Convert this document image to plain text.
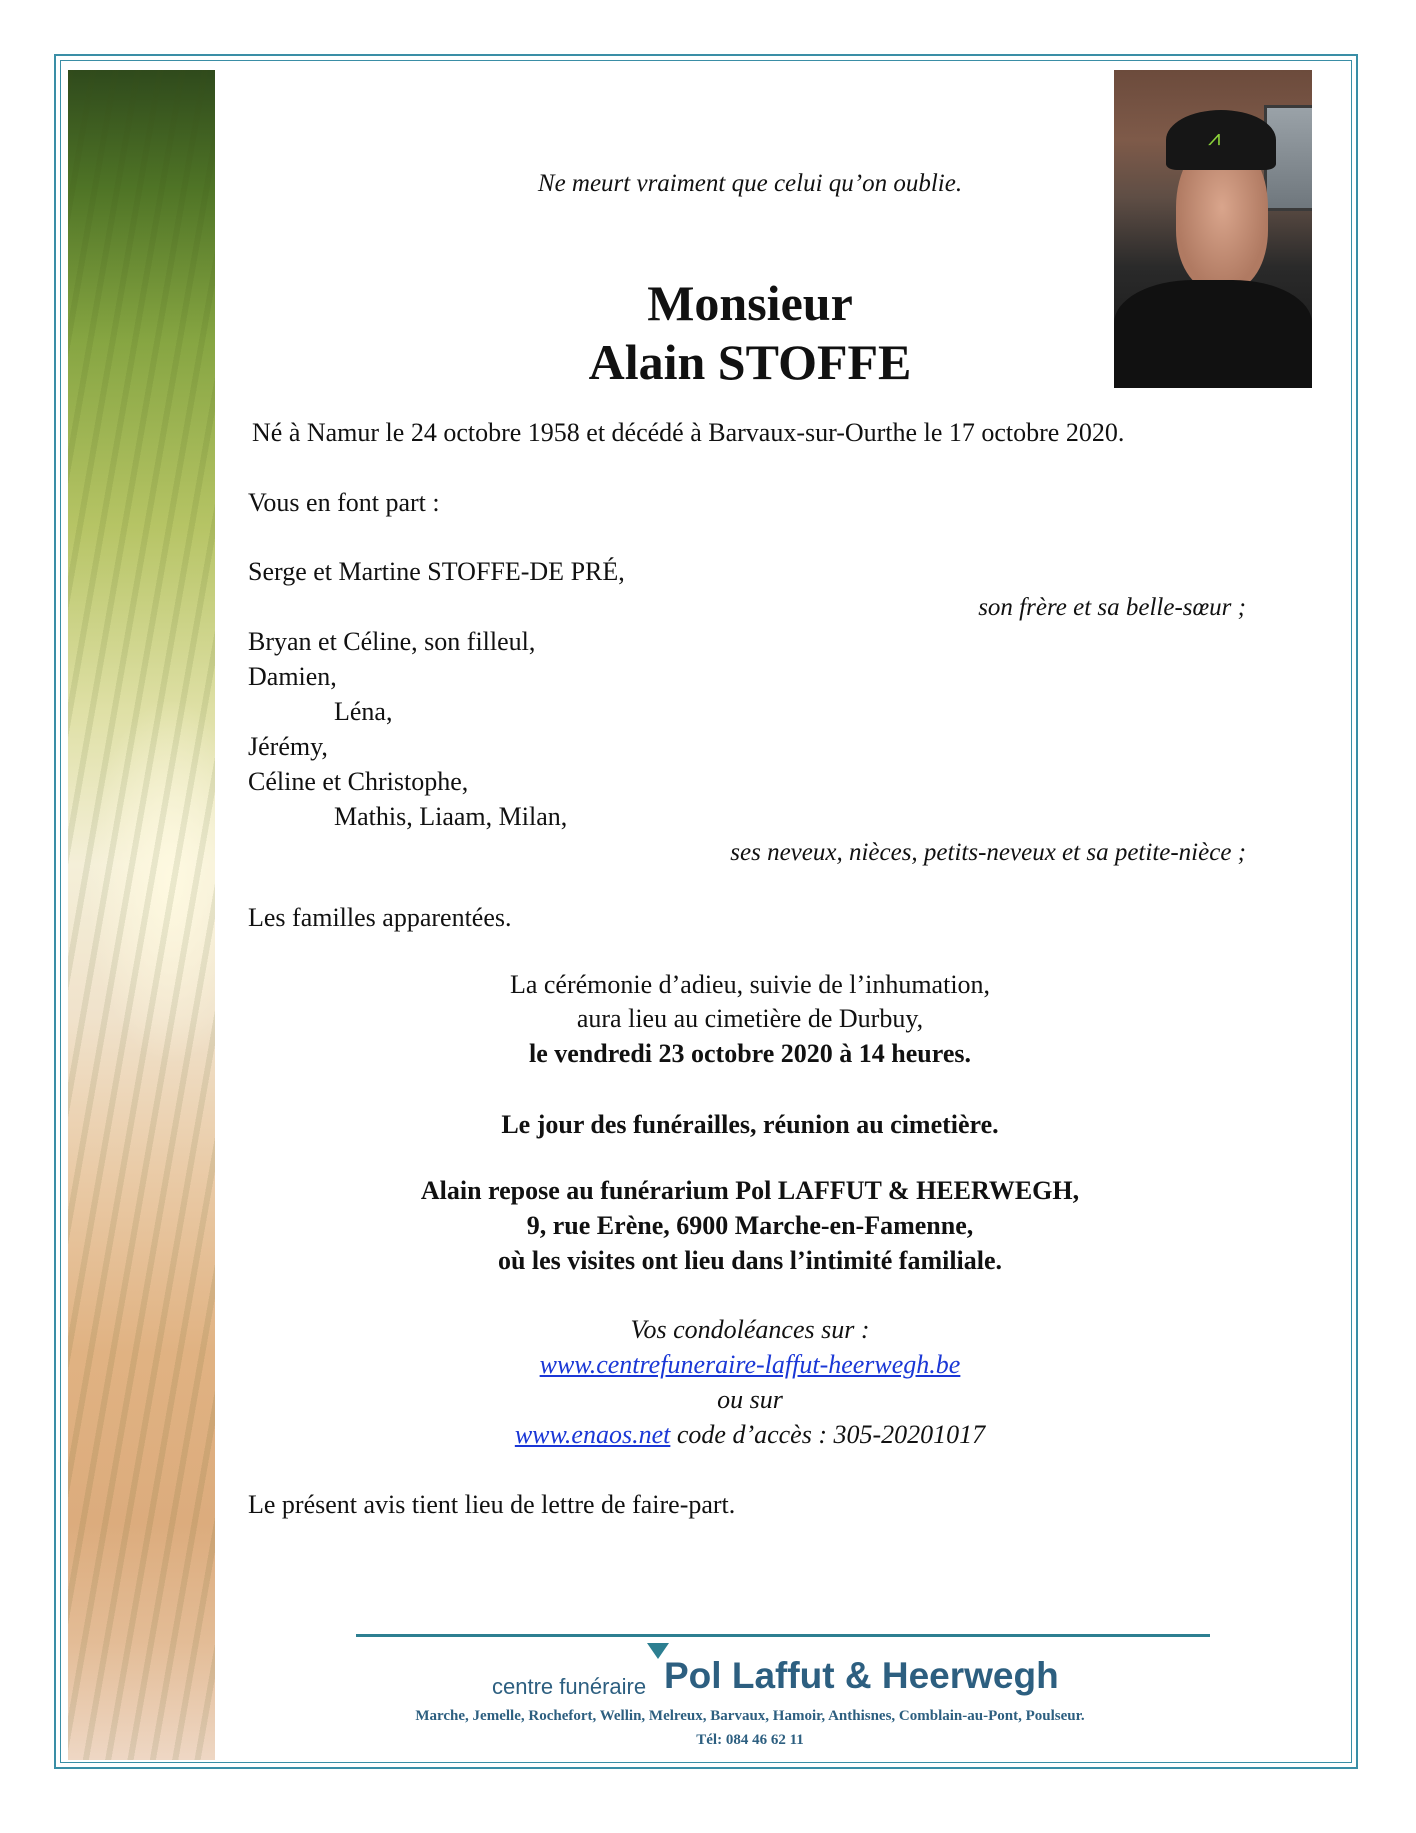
⩘

Ne meurt vraiment que celui qu’on oublie.

Monsieur

Alain STOFFE

Né à Namur le 24 octobre 1958 et décédé à Barvaux-sur-Ourthe le 17 octobre 2020.

Vous en font part :

Serge et Martine STOFFE-DE PRÉ,

son frère et sa belle-sœur ;

Bryan et Céline, son filleul,

Damien,

Léna,

Jérémy,

Céline et Christophe,

Mathis, Liaam, Milan,

ses neveux, nièces, petits-neveux et sa petite-nièce ;

Les familles apparentées.

La cérémonie d’adieu, suivie de l’inhumation,

aura lieu au cimetière de Durbuy,

le vendredi 23 octobre 2020 à 14 heures.

Le jour des funérailles, réunion au cimetière.

Alain repose au funérarium Pol LAFFUT & HEERWEGH,

9, rue Erène, 6900 Marche-en-Famenne,

où les visites ont lieu dans l’intimité familiale.

Vos condoléances sur :

www.centrefuneraire-laffut-heerwegh.be

ou sur

www.enaos.net code d’accès : 305-20201017

Le présent avis tient lieu de lettre de faire-part.

centre funéraire Pol Laffut & Heerwegh

Marche, Jemelle, Rochefort, Wellin, Melreux, Barvaux, Hamoir, Anthisnes, Comblain-au-Pont, Poulseur.

Tél: 084 46 62 11
